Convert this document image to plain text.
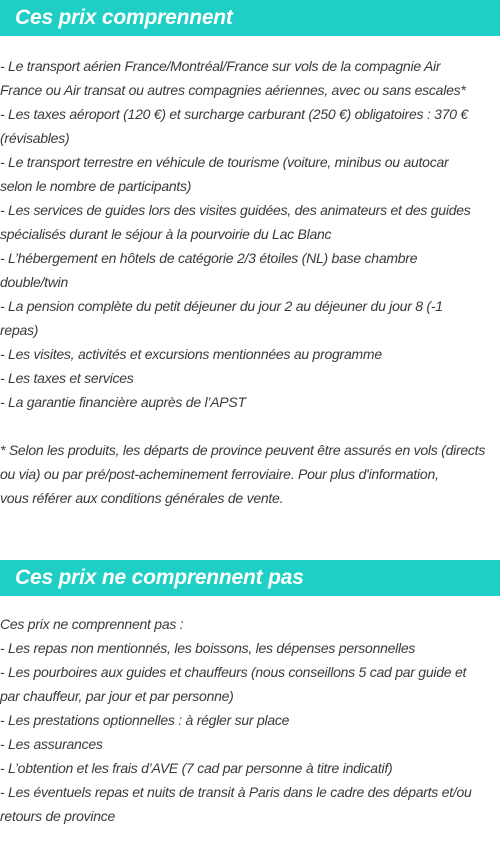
Ces prix comprennent
- Le transport aérien France/Montréal/France sur vols de la compagnie Air
France ou Air transat ou autres compagnies aériennes, avec ou sans escales*
- Les taxes aéroport (120 €) et surcharge carburant (250 €) obligatoires : 370 €
(révisables)
- Le transport terrestre en véhicule de tourisme (voiture, minibus ou autocar
selon le nombre de participants)
- Les services de guides lors des visites guidées, des animateurs et des guides
spécialisés durant le séjour à la pourvoirie du Lac Blanc
- L’hébergement en hôtels de catégorie 2/3 étoiles (NL) base chambre
double/twin
- La pension complète du petit déjeuner du jour 2 au déjeuner du jour 8 (-1
repas)
- Les visites, activités et excursions mentionnées au programme
- Les taxes et services
- La garantie financière auprès de l’APST
* Selon les produits, les départs de province peuvent être assurés en vols (directs
ou via) ou par pré/post-acheminement ferroviaire. Pour plus d'information,
vous référer aux conditions générales de vente.
Ces prix ne comprennent pas
Ces prix ne comprennent pas :
- Les repas non mentionnés, les boissons, les dépenses personnelles
- Les pourboires aux guides et chauffeurs (nous conseillons 5 cad par guide et
par chauffeur, par jour et par personne)
- Les prestations optionnelles : à régler sur place
- Les assurances
- L’obtention et les frais d’AVE (7 cad par personne à titre indicatif)
- Les éventuels repas et nuits de transit à Paris dans le cadre des départs et/ou
retours de province
